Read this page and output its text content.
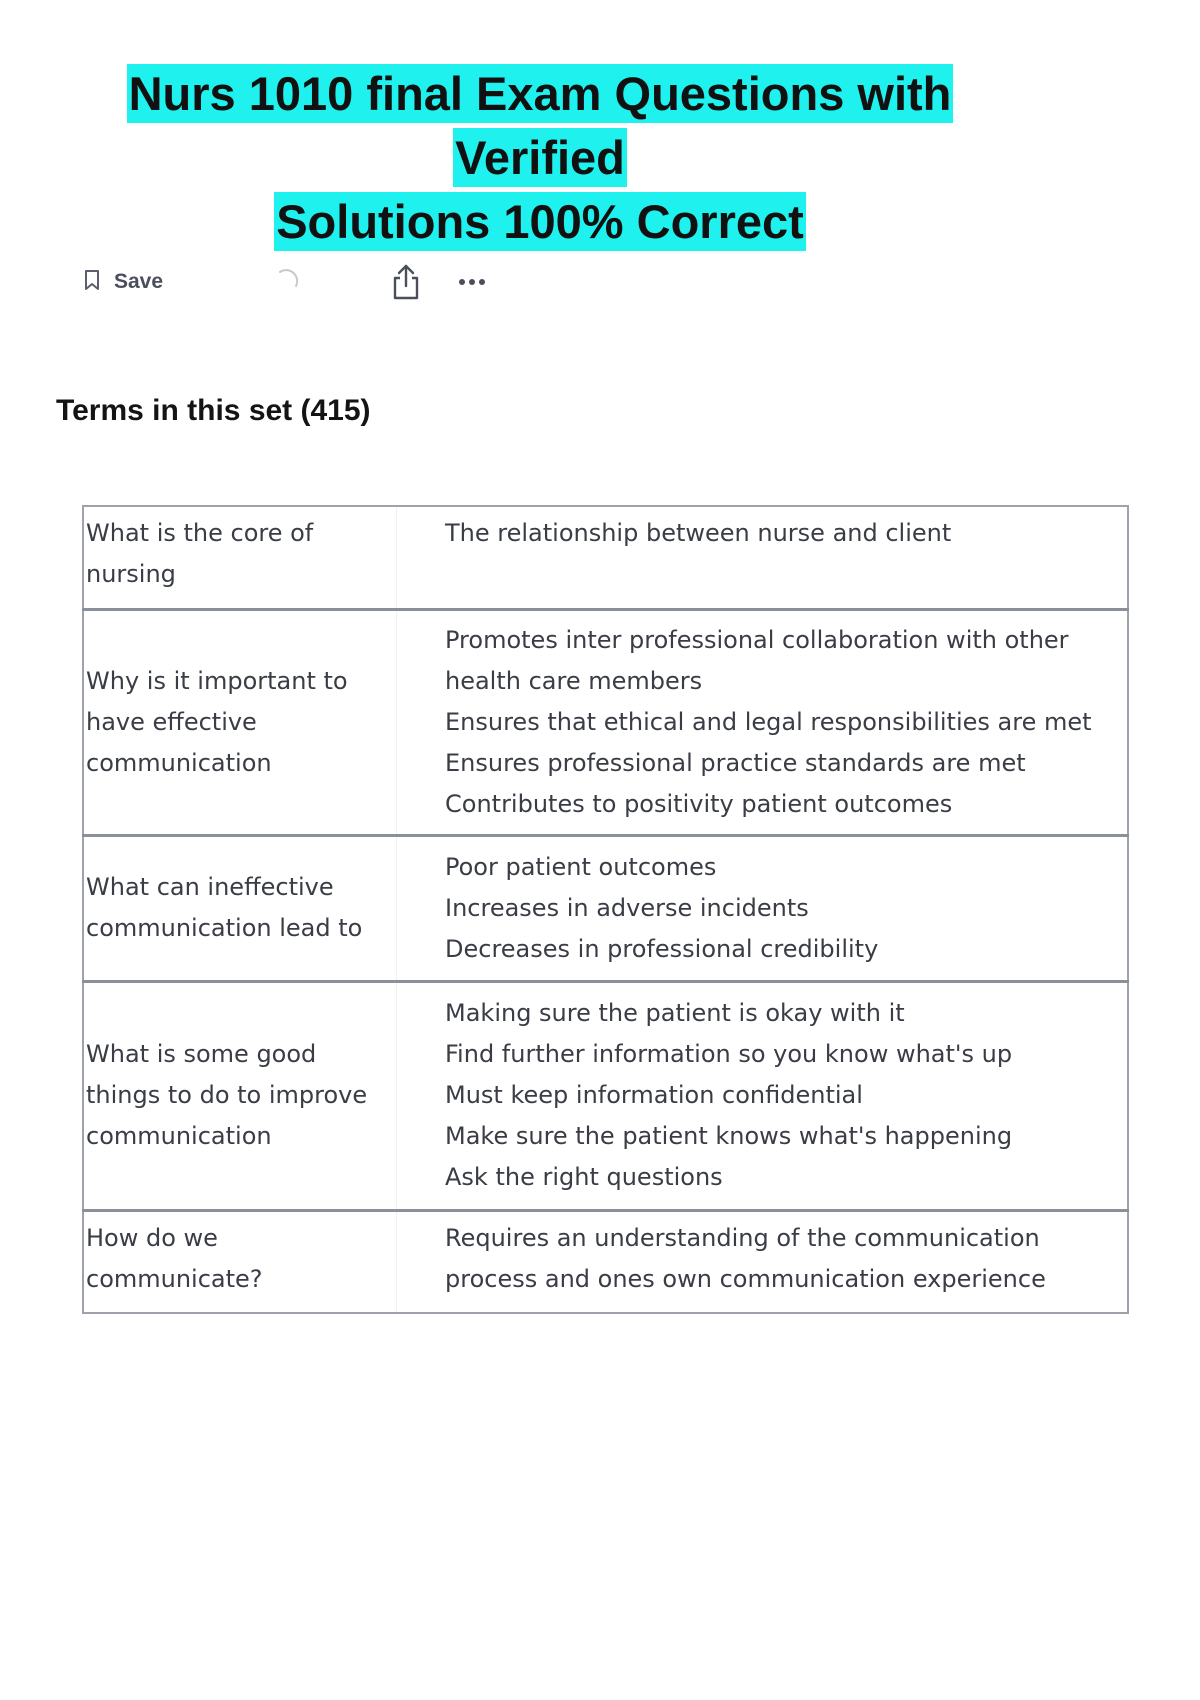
Nurs 1010 final Exam Questions with Verified
Solutions 100% Correct
Save
Terms in this set (415)
What is the core of nursing	The relationship between nurse and client

Why is it important to have effective communication	Promotes inter professional collaboration with other health care members
Ensures that ethical and legal responsibilities are met
Ensures professional practice standards are met
Contributes to positivity patient outcomes

What can ineffective communication lead to	Poor patient outcomes
Increases in adverse incidents
Decreases in professional credibility

What is some good things to do to improve communication	Making sure the patient is okay with it
Find further information so you know what's up
Must keep information confidential
Make sure the patient knows what's happening
Ask the right questions

How do we communicate?	Requires an understanding of the communication process and ones own communication experience
